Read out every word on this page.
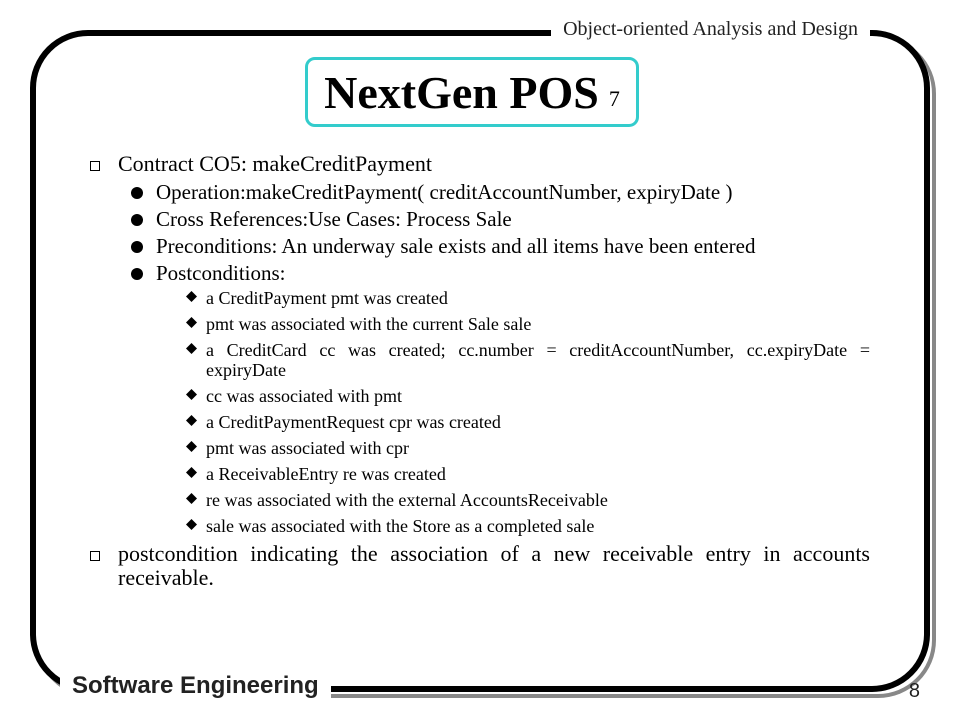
Object-oriented Analysis and Design
NextGen POS 7
Contract CO5: makeCreditPayment
Operation:makeCreditPayment( creditAccountNumber, expiryDate )
Cross References:Use Cases: Process Sale
Preconditions: An underway sale exists and all items have been entered
Postconditions:
a CreditPayment pmt was created
pmt was associated with the current Sale sale
a CreditCard cc was created; cc.number = creditAccountNumber, cc.expiryDate = expiryDate
cc was associated with pmt
a CreditPaymentRequest cpr was created
pmt was associated with cpr
a ReceivableEntry re was created
re was associated with the external AccountsReceivable
sale was associated with the Store as a completed sale
postcondition indicating the association of a new receivable entry in accounts receivable.
Software Engineering	8
